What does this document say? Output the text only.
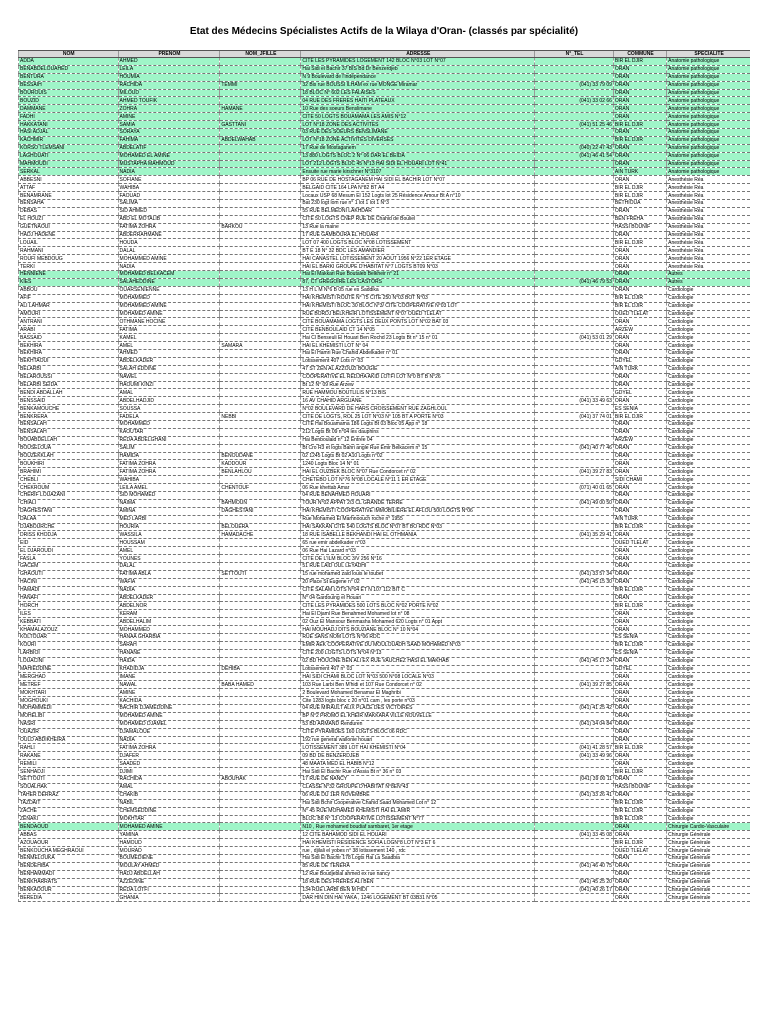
Etat des Médecins Spécialistes Actifs de la Wilaya d'Oran- (classés par spécialité)
NOM	PRENOM	NOM_JFILLE	ADRESSE	N°_TEL	COMMUNE	SPECIALITE
ADDA	AHMED		CITE LES PYRAMIDES LOGEMENT 142 BLOC N°03 LOT N°07		BIR EL DJIR	Anatomie pathologique
BENABDELOUAHED	LEILA		Hai Sidi el Bachir 37 BIS Bd Dr Benzerdjeb		ORAN	Anatomie pathologique
BENTURA	HOUMIA		N 9 Boulevard de l'indépendance		ORAN	Anatomie pathologique
BESSAIH	RACHIDA	TEMMI	32 Bis rue BOUSSI ILHAM ex rue MONGE Miramar	(041) 33 79 09	ORAN	Anatomie pathologique
BOUROUIS	MILOUD		18 BLOC N° 602 LES FALAISES		ORAN	Anatomie pathologique
BOUZID	AHMED TOUFIK		04 RUE DES FRERES HAITI PLATEAUX	(041) 33 02 66	ORAN	Anatomie pathologique
DAMMANE	ZOHRA	HAMANE	10 Rue des soeurs Benslimane		ORAN	Anatomie pathologique
FADHI	AMINE		CITE 50 LOGTS BOUAMAMA LES AMIS N°12		ORAN	Anatomie pathologique
HAKKATANI	SAMIA	GASTTANI	LOT N°18 ZONE DES ACTIVITES	(041) 51 25 46	BIR EL DJIR	Anatomie pathologique
HASI ADJAL	SORAYA		03 RUE DES SOEURS BENSLIMANE		ORAN	Anatomie pathologique
KACHMIR	FAHIMA	ABDELWAHAB	LOT N°18 ZONE ACTIVITES DIVERSES		BIR EL DJIR	Anatomie pathologique
KORSO TLEMSANI	ABDELATIF		17 Rue de Mostaganem	(040) 22 47 43	ORAN	Anatomie pathologique
LAGHOUATI	MOHAMED EL AMINE		13 880 LOGTS BLOC 2 N° 06 DAR EL BEIDA	(041) 46 41 54	ORAN	Anatomie pathologique
MAHMOUDI	MUSTAPHA MAHMOUD		LOT 212 LOGTS BLOC 45 N°13 HAI SIDI EL HOUARI LOT N°41		ORAN	Anatomie pathologique
SERKAL	NADIA		Ensuite rue marie kirschner N°3107		AIN TURK	Anatomie pathologique
ABBESNI	SOFIANE		BP 06 RUE DE HOSTAGANEM HAI SIDI EL BACHIR LOT N°07		ORAN	Anesthésie Réa
ATTAF	WAHIBA		BELGAID CITE 164 LPA N°82 BT A4		BIR EL DJIR	Anesthésie Réa
BENAMRANE	FAOUAD		Locaux USP 68 Mesum El 152 Logts lot 25 Résidence Amour Bt A n°10		BIR EL DJIR	Anesthésie Réa
BENSAHA	SALIMA		Bat 230 logt lom rue n° 1 lot 1 lot 1 N°3		BETHIOUA	Anesthésie Réa
DEBAS	SID AHMED		55 RUE BELMEDNI LAKHDAR		ORAN	Anesthésie Réa
EL HOUZI	ABD EL MOTALIB		CITE 50 LOGTS CNEP RUE DE Chahid de Bouliel		BEN FREHA	Anesthésie Réa
GUETNAOUI	FATIMA ZOHRA	BARKOU	13 Rue la maine		HASSI BOUNIF	Anesthésie Réa
HADJ HADENE	ABDERRAHMANE		17 RUE GAMBOURA EL HOUARI		ORAN	Anesthésie Réa
LOUAIL	HOUDA		LOT 07 400 LOGTS BLOC N°08 LOTISSEMENT		BIR EL DJIR	Anesthésie Réa
RAHMANI	DALAL		BT E 18 N° 32 BDC LES AMANDIER		ORAN	Anesthésie Réa
ROUFI MEBDOUG	MOHAMMED AMINE		HAI CANASTEL LOTISSEMENT 20 AOUT 1956 N°22 1ER ETAGE		ORAN	Anesthésie Réa
TERKI	NADIA		HAI EL BARKI GROUPE D'HABITAT N°7 LOGTS BT09 N°03		ORAN	Anesthésie Réa
HENNIENE	MOHAMED BELKACEM		Hai El Makkari Rue Boutaleb Belkheir n° 21		ORAN	Autres
KIES	SALAHEDDINE		87, CT GREGOIRE LES CASTORS	(041) 46 79 53	ORAN	Autres
ABBOU	OUARSENIENNE		13 H L M N°6 B 05 rue es Saddika		ORAN	Cardiologie
AFIF	MOHAMMED		HAI KHEMISTI ROUTE N° 75 CITE 250 N°03 BOT N°03		BIR EL DJIR	Cardiologie
ALI LAHMAR	MOHAMMED AMINE		HAI KHEMISTI BLOC 30 BLOC N°3/ CITE COOPERATIVE N°03 LOT		BIR EL DJIR	Cardiologie
AMOURI	MOHAMED AMINE		RUE BORDJ BELKHEIR LOTISSEMENT N°07 OUED TLELAT		OUED TLELAT	Cardiologie
ANTRANI	OTHMANE HOCINE		CITE BOUAMAMA LOGTS LES DEUX PONTS LOT N°02 BAT 03		ORAN	Cardiologie
ARABI	FATIMA		CITE BENBOULAID CT 14 N°05		ARZEW	Cardiologie
BASSAID	KAMEL		Hai Cl Benseuli El Houari Ben Rochd 23 Logts Bt n° 15 n° 01	(041) 53 01 29	ORAN	Cardiologie
BEKHIRA	AMEL	SAMARA	HAI EL KHEMISTI LOT N° 04		ORAN	Cardiologie
BEKHIRA	AHMED		Hai El Hamri Rue Chahid Abdelkader n° 01		ORAN	Cardiologie
BEKHTAOUI	ABDELKADER		Lotissement 407 Lots n° 03		GDYEL	Cardiologie
BELARBI	SALAH EDDINE		47 ST ZEN AL AZZOUZI BOUGIE		AIN TURK	Cardiologie
BELAROUSSI	NAWEL		COOPERATIVE EL REDJHA AKID LOTFI LOT N°0 BT B N°26		ORAN	Cardiologie
BELARBI SEIDA	HAOUMI KINZI		Bt 12 N° 09 Rue Arzew		ORAN	Cardiologie
BENDI ABDALLAH	AMAL		RUE HAMMOU BOUTLILIS N°13 BIS		GDYEL	Cardiologie
BENSSAID	ABDELHADJID		16 AV CHAHID ARGUANE	(041) 33 49 63	ORAN	Cardiologie
BENKAMOUCHE	SOUSSA		N°02 BOULEVARD DE HARS CROISSEMENT RUE ZAGHLOUL		ES SENIA	Cardiologie
BENKRERA	FADELA	NEBBI	CITE DE LOGTS, ROL 25 LOT N°03 N° 105 BT A PORTE N°03	(041) 37 74 01	BIR EL DJIR	Cardiologie
BENSALAH	MOHAMMED		CITE Hai Bouamama 186 Logts Bt 03 Bloc 05 App n° 18		ORAN	Cardiologie
BENSALAH	KAOUTAR		212 Logts Bt 09 n°04 les dauphins		ORAN	Cardiologie
BOUABDELLAH	REDA ABDELGHANI		Hai Benboulaid n° 12 Entrée 04		ARZEW	Cardiologie
BOUSELOUA	SALIM		Bt Cro R3 et logts Bahri angle Rue Emir Belkacem n° 15	(041) 40 77 46	ORAN	Cardiologie
BOUZEKKLAH	HAMIDA	BENOUDANE	02 1245 Logts Bt 02 A10 Logts n°02		ORAN	Cardiologie
BOUKHIRI	FATIMA ZOHRA	KADDOUR	1240 Logts Bloc 14 N° 01		ORAN	Cardiologie
BRAHIMI	FATIMA ZOHRA	BENLAHLOU	HAI EL OUZBEK BLOC N°07 Rue Condorcet n° 02	(041) 39 27 83	ORAN	Cardiologie
CHEBLI	WAHIBA		CHETEBO LOT N°76 N°08 LOCALE N°11 1 ER ETAGE		SIDI CHAMI	Cardiologie
CHEKROUM	LEILA AMEL	CHENTOUF	06 Rue khettab Amar	(071) 40 01 65	ORAN	Cardiologie
CHERIF LOUAZANI	SID MOHAMED		04 RUE BENAHMED HOUARI		ORAN	Cardiologie
CHIALI	NAIMA	BAHMOUN	TOUR N°02 APPAT 2/3 CL GRANDE TERRE	(041) 49 00 50	ORAN	Cardiologie
DAGHESTANI	AMINA	DAGHESTANI	HAI KHEMISTI COOPERATIVE IMMOBILIERE EL AFLOU 500 LOGTS N°06		ORAN	Cardiologie
DALAA	MED LARBI		Rue Mohamed El Marhnoouch roche n° 1955		AIN TURK	Cardiologie
DJABOURCHE	HOURIA	BELOUERA	HAI SAKKAN CITE 540 LOGTS BLOC N°07 BT BO RDC N°03		BIR EL DJIR	Cardiologie
DRISS KHODJA	WASSILA	HAMADACHE	18 RUE ISABELLE BEKHANDI HAI EL OTHMANIA	(041) 35 29 41	ORAN	Cardiologie
EID	HOUSSAM		65 rue emir abdelkader n°03		OUED TLELAT	Cardiologie
EL DJAROUDI	AMEL		06 Rue Hai Lazard n°03		ORAN	Cardiologie
FASLA	YOUNES		CITE DE L'ILM BLOC 3/V 256 N°16		ORAN	Cardiologie
GACEM	DALAL		51 RUE LAID OUL LEYADHI		ORAN	Cardiologie
GHAOUTI	FATIMA ABLA	SETTOUTI	15 rue mohamed zaid louis le toubet	(041) 33 57 34	ORAN	Cardiologie
HACINI	WAFIA		20 Place St Eugene n° 02	(041) 45 15 30	ORAN	Cardiologie
HAMADI	NADIA		CITE SALAM LOTS N°04 ET N 107 112 BIT C		BIR EL DJIR	Cardiologie
HANAFI	ABDELKADER		N° 04 Gardouing el Houari		ORAN	Cardiologie
HORCH	ABDELNOR		CITE LES PYRAMIDES 500 LOTS BLOC N°02 PORTE N°02		BIR EL DJIR	Cardiologie
ILES	KERAM		Hai El Djaml Rue Benahmed Mohamed lot n° 08		ORAN	Cardiologie
KEBBATI	ABDELHALIM		02 Ouz El Mansour Benmasha Mohamed 620 Logts n° 01 Appt		ORAN	Cardiologie
KHAMALAZOUZ	MOHAMMED		HAI MOUHADJ DITS BOUZIANE BLOC N° 10 N°04		ORAN	Cardiologie
KOLTOUAR	HANAA GHARBIA		RUE SANS NOM LOTS N°06 RDC		ES SENIA	Cardiologie
KOURI	SARAH		EMIR AEK COOPERATIVE DU MOULOUADH SAAD MOHAMED N°03		BIR EL DJIR	Cardiologie
LARBIOI	HANANE		CITE 200 LOGTS LOTS N°04 N°13		ES SENIA	Cardiologie
LOUACINI	HAIDA		02 BD HOUCINE BEN ALI EX RUE VAUCHEZ HASI EL MAKHAB	(041) 45 17 24	ORAN	Cardiologie
MAHIEDDINE	KHADIDJA	DEHIBA	Lotissement 407 n° 03		GDYEL	Cardiologie
MERGHAD	IMANE		HAI SIDI CHAMI BLOC LOT N°03 500 N°08 LOCALE N°03		ORAN	Cardiologie
METREF	NAWAL	BABA HAMED	103 Rue Larbi Ben M'hidi et 107 Rue Condorcet n° 02	(041) 39 27 85	ORAN	Cardiologie
MOKHTARI	AMINE		2 Boulevard Mohamed Benamar El Maghribi		ORAN	Cardiologie
MOGHOUKI	KACHIDA		Cite 1283 logts bloc c 20 n°01 cam , les porte n°03		ORAN	Cardiologie
MOHAMMEDI	BACHIR DJAMEDDINE		04 RUE MIRAULT ALIX PLACE DES VICTOIRES	(041) 41 25 42	ORAN	Cardiologie
MOHELIBI	MOHAMED AMINE		BP N°2 PROMO EL KHEIR MAKKARA VILLE NOUVELLE		ORAN	Cardiologie
NASRI	MOHAMED DJAMEL		53 BD ARMAND Renduren	(041) 34 04 84	ORAN	Cardiologie
OUAZIR	DJAMALOUE		CITE PYRAMIDES 160 LOGTS BLOC 06 RDC		ORAN	Cardiologie
OULD ABDIKHEIRA	NADIA		192 rue general wallonie houari		ORAN	Cardiologie
RAHLI	FATIMA ZOHRA		LOTISSEMENT 389 LOT HAI KHEMISTI N°04	(041) 41 28 57	BIR EL DJIR	Cardiologie
RAKANE	DJAFER		09 BD DE BENZERDJEB	(041) 33 49 96	ORAN	Cardiologie
REMILI	SAADED		48 MAATA MED EL HABIB N°12		ORAN	Cardiologie
SENHADJI	DJIMI		Hai Sidi El Bachir Rue d'Assia Bt n° 36 n° 03		BIR EL DJIR	Cardiologie
SETTOUTI	RACHIDA	ABOUHAK	17 RUE DE NANCY	(041) 39 00 11	ORAN	Cardiologie
SOUALHAK	AMAL		CLASSE N°32 GROUPE D'HABITAT N°8EN°43		HASSI BOUNIF	Cardiologie
TAHER DERRAZ	CHAKIB		06 RUE DU 1ER NOVEMBRE	(041) 33 26 41	ORAN	Cardiologie
TAZDAIT	NABIL		Hai Sidi Bchir Cooperative Chahid Saad Mohamed Lot n° 12		BIR EL DJIR	Cardiologie
ZACHE	CHEMSEDDINE		N° 45 RUE MOHAMED KHEMISTI HAI EL AMIR		BIR EL DJIR	Cardiologie
ZENAKI	MOKHTAR		BLOC B8 N° 13 COOPERATIVE LOTISSEMENT N°77		BIR EL DJIR	Cardiologie
BENDAOUD	MOHAMED AMINE		N10 , Rue mohamed boudiaf sarnbaret, 1er etage		ORAN	Chirurgie Cardio-Vasculaire
ABBAS	YAMINA		12 CITE BAHAMOD SIDI EL HOUARI	(041) 33 45 08	ORAN	Chirurgie Générale
AZOUAOUR	HAMOUD		HAI KHEMISTI RESIDENCE SOFIA LOGN°8 LOT N°3 ET 6		BIR EL DJIR	Chirurgie Générale
BENKOUCHA MEGHRAOUI	MOURAD		rue , djilali el yobes n° 38 lotissement 140 , rdc		OUED TLELAT	Chirurgie Générale
BENMELOUKA	BOUMEDIENE		Hai Sidi El Bachir 178 Logts Hai La Saadbia		ORAN	Chirurgie Générale
BENDEHIBA	MOULAY AHMED		85 RUE DE TENERA	(041) 46 40 75	ORAN	Chirurgie Générale
BENHAMMADI	HADJ ABDELLAH		12 Rue Boudjeblal ahmed ex rue nancy		ORAN	Chirurgie Générale
BENKHARRATS	AZZEDINE		18 RUE DES FRERES ALI BEN	(041) 45 25 20	ORAN	Chirurgie Générale
BENKADOUR	REDA LOTFI		134 RUE LARBI BEN M HIDI	(041) 40 26 17	ORAN	Chirurgie Générale
BEREDIA	GHANIA		DAR HIN DIN HAI YAKA , 1246 LOGEMENT BT 03B31 N°05		ORAN	Chirurgie Générale
